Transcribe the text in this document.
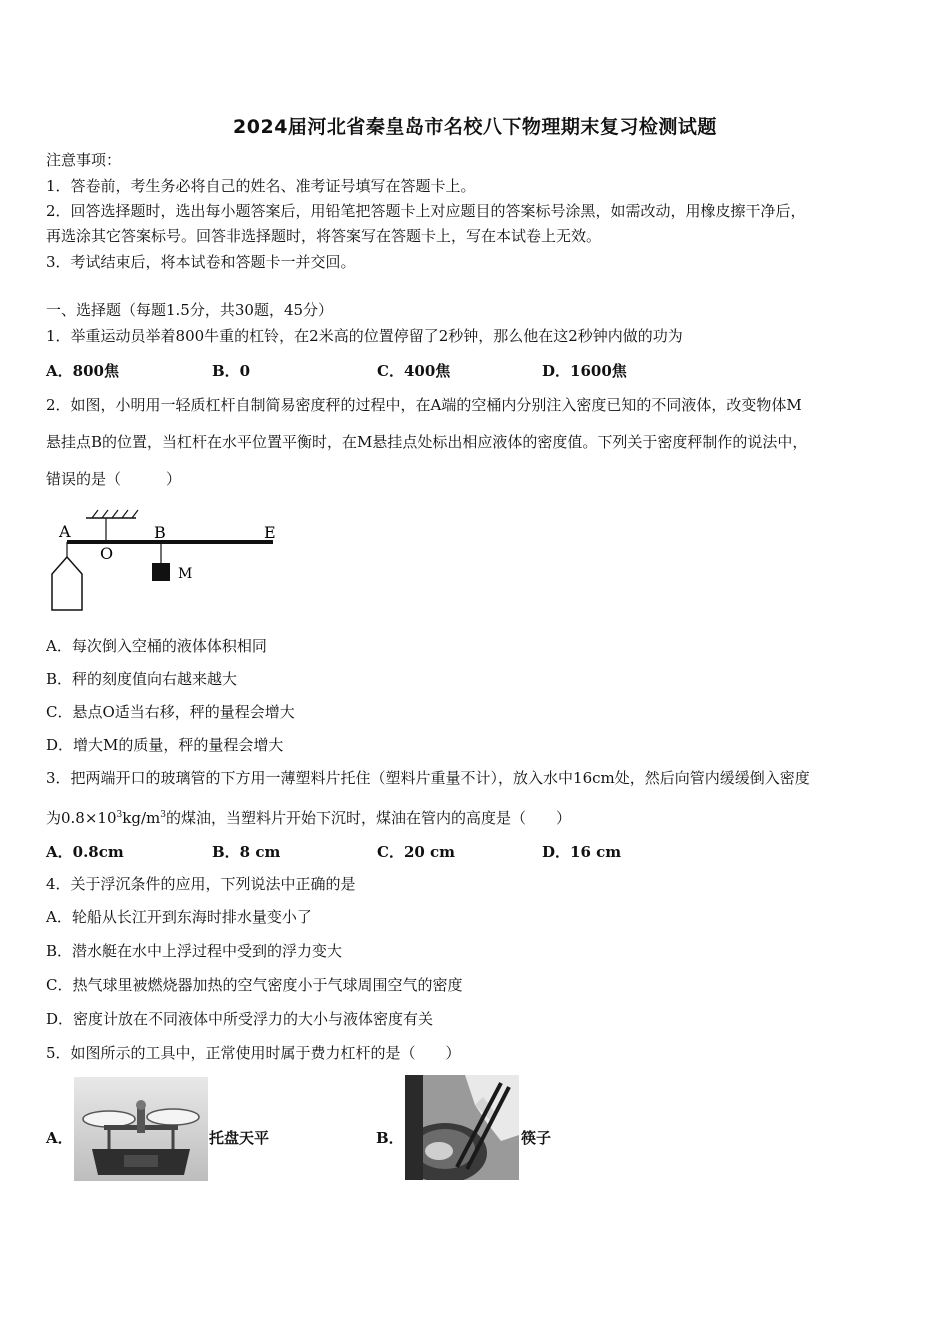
2024届河北省秦皇岛市名校八下物理期末复习检测试题
注意事项：
1．答卷前，考生务必将自己的姓名、准考证号填写在答题卡上。
2．回答选择题时，选出每小题答案后，用铅笔把答题卡上对应题目的答案标号涂黑，如需改动，用橡皮擦干净后，
再选涂其它答案标号。回答非选择题时，将答案写在答题卡上，写在本试卷上无效。
3．考试结束后，将本试卷和答题卡一并交回。
一、选择题（每题1.5分，共30题，45分）
1．举重运动员举着800牛重的杠铃，在2米高的位置停留了2秒钟，那么他在这2秒钟内做的功为
A．800焦	B．0	C．400焦	D．1600焦
2．如图，小明用一轻质杠杆自制简易密度秤的过程中，在A端的空桶内分别注入密度已知的不同液体，改变物体M
悬挂点B的位置，当杠杆在水平位置平衡时，在M悬挂点处标出相应液体的密度值。下列关于密度秤制作的说法中，
错误的是（　　　）
A
O
B	E
M
A．每次倒入空桶的液体体积相同
B．秤的刻度值向右越来越大
C．悬点O适当右移，秤的量程会增大
D．增大M的质量，秤的量程会增大
3．把两端开口的玻璃管的下方用一薄塑料片托住（塑料片重量不计），放入水中16cm处，然后向管内缓缓倒入密度
为$0.8\times 10^3kg/m^3$的煤油，当塑料片开始下沉时，煤油在管内的高度是（　　）
A．0.8cm	B．8 cm	C．20 cm	D．16 cm
4．关于浮沉条件的应用，下列说法中正确的是
A．轮船从长江开到东海时排水量变小了
B．潜水艇在水中上浮过程中受到的浮力变大
C．热气球里被燃烧器加热的空气密度小于气球周围空气的密度
D．密度计放在不同液体中所受浮力的大小与液体密度有关
5．如图所示的工具中，正常使用时属于费力杠杆的是（　　）
A．	托盘天平	B．	筷子
